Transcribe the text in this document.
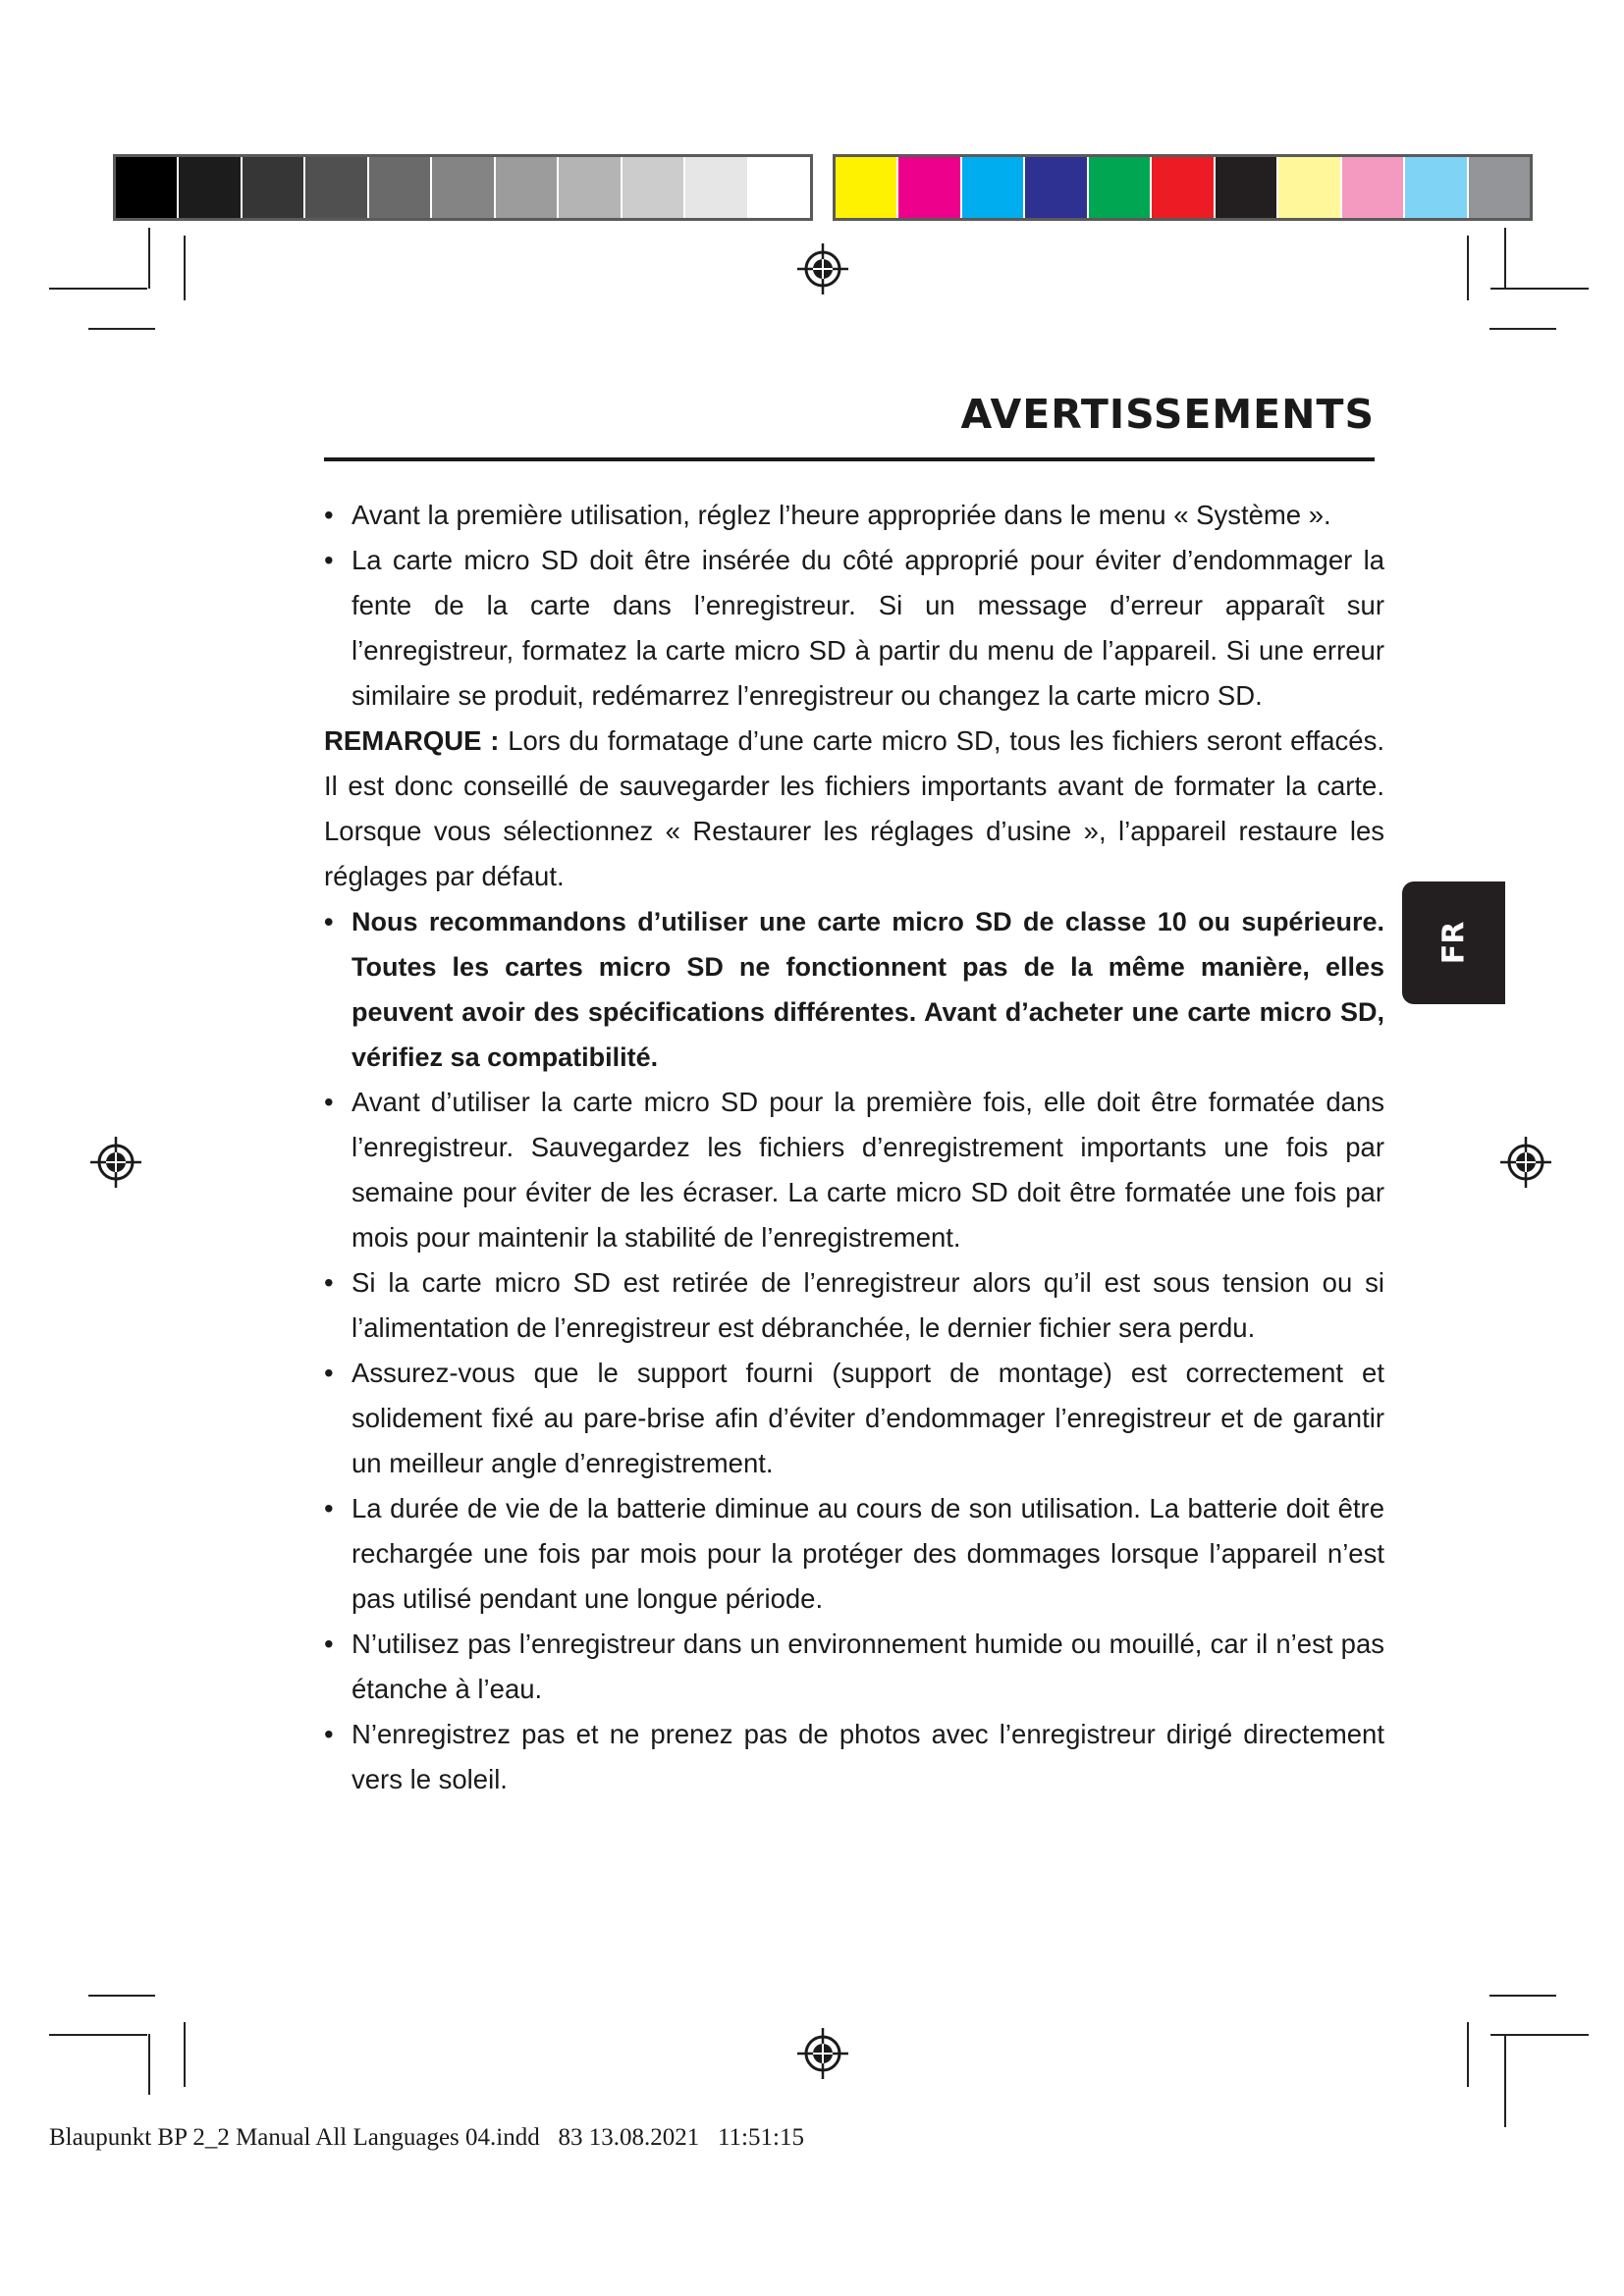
AVERTISSEMENTS
FR
• Avant la première utilisation, réglez l’heure appropriée dans le menu « Système ».
• La carte micro SD doit être insérée du côté approprié pour éviter d’endommager la fente de la carte dans l’enregistreur. Si un message d’erreur apparaît sur l’enregistreur, formatez la carte micro SD à partir du menu de l’appareil. Si une erreur similaire se produit, redémarrez l’enregistreur ou changez la carte micro SD.
REMARQUE : Lors du formatage d’une carte micro SD, tous les fichiers seront effacés. Il est donc conseillé de sauvegarder les fichiers importants avant de formater la carte. Lorsque vous sélectionnez « Restaurer les réglages d’usine », l’appareil restaure les réglages par défaut.
• Nous recommandons d’utiliser une carte micro SD de classe 10 ou supérieure. Toutes les cartes micro SD ne fonctionnent pas de la même manière, elles peuvent avoir des spécifications différentes. Avant d’acheter une carte micro SD, vérifiez sa compatibilité.
• Avant d’utiliser la carte micro SD pour la première fois, elle doit être formatée dans l’enregistreur. Sauvegardez les fichiers d’enregistrement importants une fois par semaine pour éviter de les écraser. La carte micro SD doit être formatée une fois par mois pour maintenir la stabilité de l’enregistrement.
• Si la carte micro SD est retirée de l’enregistreur alors qu’il est sous tension ou si l’alimentation de l’enregistreur est débranchée, le dernier fichier sera perdu.
• Assurez-vous que le support fourni (support de montage) est correctement et solidement fixé au pare-brise afin d’éviter d’endommager l’enregistreur et de garantir un meilleur angle d’enregistrement.
• La durée de vie de la batterie diminue au cours de son utilisation. La batterie doit être rechargée une fois par mois pour la protéger des dommages lorsque l’appareil n’est pas utilisé pendant une longue période.
• N’utilisez pas l’enregistreur dans un environnement humide ou mouillé, car il n’est pas étanche à l’eau.
• N’enregistrez pas et ne prenez pas de photos avec l’enregistreur dirigé directement vers le soleil.
Blaupunkt BP 2_2 Manual All Languages 04.indd   83 13.08.2021   11:51:15
